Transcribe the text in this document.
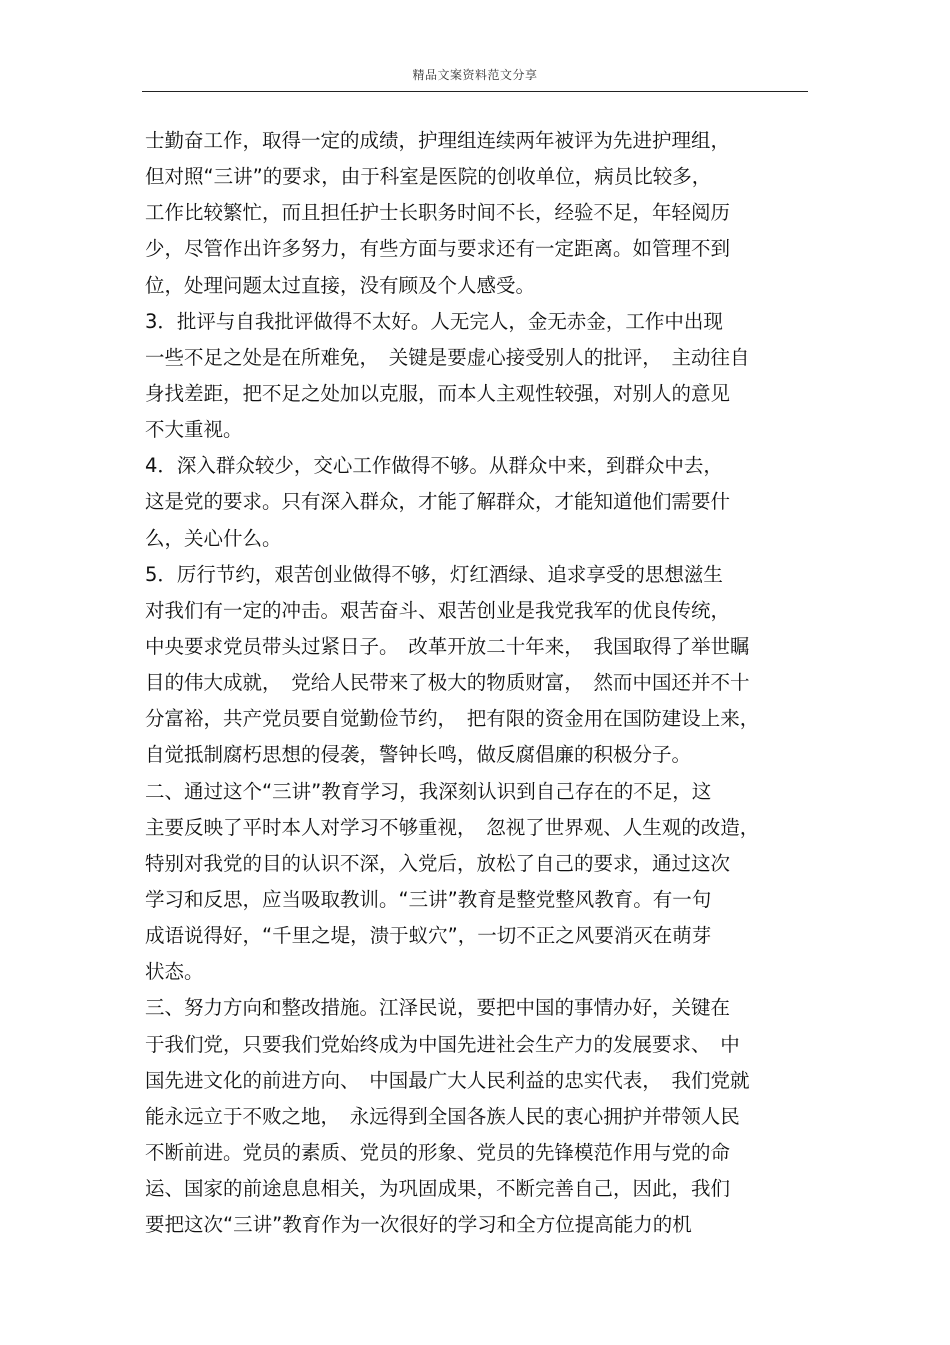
精品文案资料范文分享
士勤奋工作，取得一定的成绩，护理组连续两年被评为先进护理组，
但对照“三讲”的要求，由于科室是医院的创收单位，病员比较多，
工作比较繁忙，而且担任护士长职务时间不长，经验不足，年轻阅历
少，尽管作出许多努力，有些方面与要求还有一定距离。如管理不到
位，处理问题太过直接，没有顾及个人感受。
3．批评与自我批评做得不太好。人无完人，金无赤金，工作中出现
一些不足之处是在所难免，　关键是要虚心接受别人的批评，　主动往自
身找差距，把不足之处加以克服，而本人主观性较强，对别人的意见
不大重视。
4．深入群众较少，交心工作做得不够。从群众中来，到群众中去，
这是党的要求。只有深入群众，才能了解群众，才能知道他们需要什
么，关心什么。
5．厉行节约，艰苦创业做得不够，灯红酒绿、追求享受的思想滋生
对我们有一定的冲击。艰苦奋斗、艰苦创业是我党我军的优良传统，
中央要求党员带头过紧日子。　改革开放二十年来，　我国取得了举世瞩
目的伟大成就，　党给人民带来了极大的物质财富，　然而中国还并不十
分富裕，共产党员要自觉勤俭节约，　把有限的资金用在国防建设上来，
自觉抵制腐朽思想的侵袭，警钟长鸣，做反腐倡廉的积极分子。
二、通过这个“三讲”教育学习，我深刻认识到自己存在的不足，这
主要反映了平时本人对学习不够重视，　忽视了世界观、人生观的改造，
特别对我党的目的认识不深，入党后，放松了自己的要求，通过这次
学习和反思，应当吸取教训。“三讲”教育是整党整风教育。有一句
成语说得好，“千里之堤，溃于蚁穴”，一切不正之风要消灭在萌芽
状态。
三、努力方向和整改措施。江泽民说，要把中国的事情办好，关键在
于我们党，只要我们党始终成为中国先进社会生产力的发展要求、　中
国先进文化的前进方向、　中国最广大人民利益的忠实代表，　我们党就
能永远立于不败之地，　永远得到全国各族人民的衷心拥护并带领人民
不断前进。党员的素质、党员的形象、党员的先锋模范作用与党的命
运、国家的前途息息相关，为巩固成果，不断完善自己，因此，我们
要把这次“三讲”教育作为一次很好的学习和全方位提高能力的机
